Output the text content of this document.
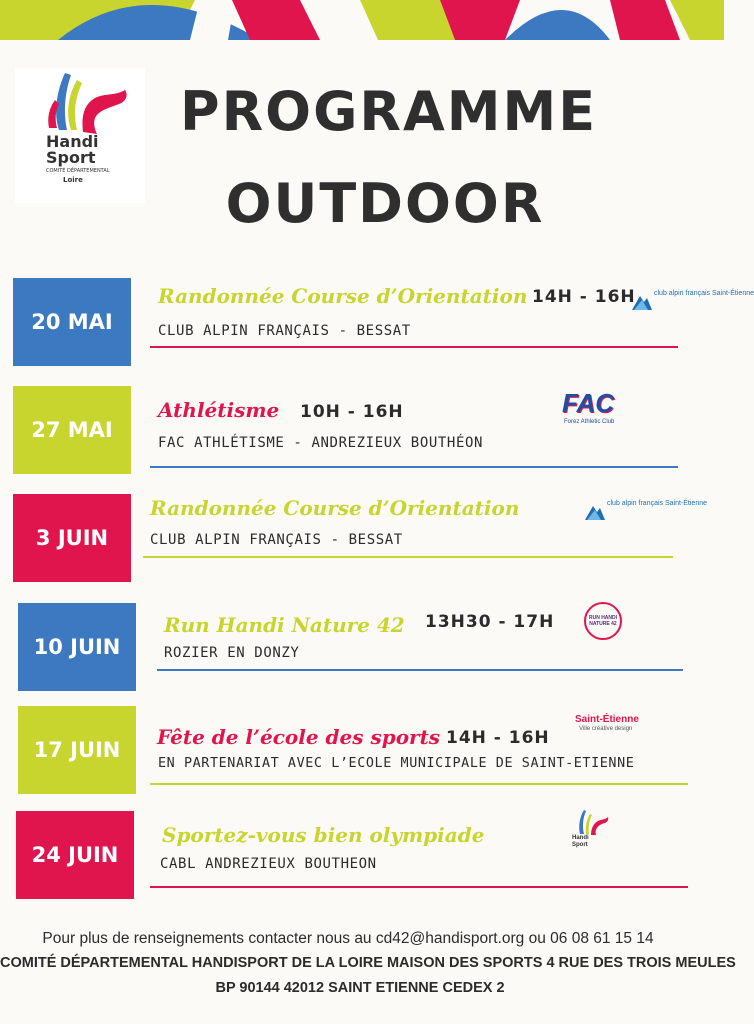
Handi
Sport
COMITÉ DÉPARTEMENTAL
Loire
PROGRAMME
OUTDOOR
20 MAI
Randonnée Course d’Orientation 14H - 16H	club alpin français Saint-Étienne
CLUB ALPIN FRANÇAIS - BESSAT
27 MAI
Athlétisme 10H - 16H	FAC
Forez Athletic Club
FAC ATHLÉTISME - ANDREZIEUX BOUTHÉON
3 JUIN
Randonnée Course d’Orientation	club alpin français Saint-Étienne
CLUB ALPIN FRANÇAIS - BESSAT
10 JUIN
Run Handi Nature 42 13H30 - 17H	RUN HANDI NATURE 42
ROZIER EN DONZY
17 JUIN
Fête de l’école des sports 14H - 16H
Saint-Étienne
Ville créative design
EN PARTENARIAT AVEC L’ECOLE MUNICIPALE DE SAINT-ETIENNE
24 JUIN
Sportez-vous bien olympiade	Handi Sport
CABL ANDREZIEUX BOUTHEON
Pour plus de renseignements contacter nous au cd42@handisport.org ou 06 08 61 15 14
COMITÉ DÉPARTEMENTAL HANDISPORT DE LA LOIRE MAISON DES SPORTS 4 RUE DES TROIS MEULES
BP 90144 42012 SAINT ETIENNE CEDEX 2
